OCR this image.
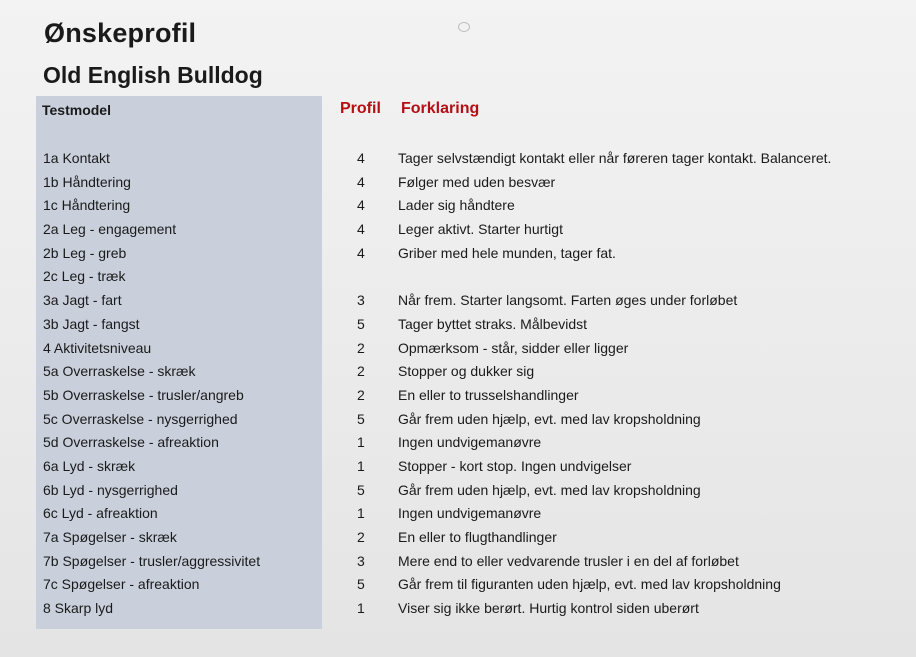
Ønskeprofil
Old English Bulldog
Testmodel	Profil Forklaring
1a Kontakt	4 Tager selvstændigt kontakt eller når føreren tager kontakt. Balanceret.
1b Håndtering	4 Følger med uden besvær
1c Håndtering	4 Lader sig håndtere
2a Leg - engagement	4 Leger aktivt. Starter hurtigt
2b Leg - greb	4 Griber med hele munden, tager fat.
2c Leg - træk
3a Jagt - fart	3 Når frem. Starter langsomt. Farten øges under forløbet
3b Jagt - fangst	5 Tager byttet straks. Målbevidst
4 Aktivitetsniveau	2 Opmærksom - står, sidder eller ligger
5a Overraskelse - skræk	2 Stopper og dukker sig
5b Overraskelse - trusler/angreb	2 En eller to trusselshandlinger
5c Overraskelse - nysgerrighed	5 Går frem uden hjælp, evt. med lav kropsholdning
5d Overraskelse - afreaktion	1 Ingen undvigemanøvre
6a Lyd - skræk	1 Stopper - kort stop. Ingen undvigelser
6b Lyd - nysgerrighed	5 Går frem uden hjælp, evt. med lav kropsholdning
6c Lyd - afreaktion	1 Ingen undvigemanøvre
7a Spøgelser - skræk	2 En eller to flugthandlinger
7b Spøgelser - trusler/aggressivitet	3 Mere end to eller vedvarende trusler i en del af forløbet
7c Spøgelser - afreaktion	5 Går frem til figuranten uden hjælp, evt. med lav kropsholdning
8 Skarp lyd	1 Viser sig ikke berørt. Hurtig kontrol siden uberørt
